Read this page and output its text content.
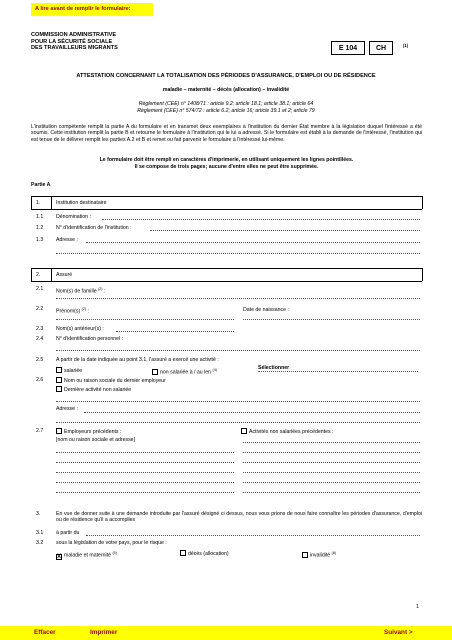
A lire avant de remplir le formulaire:
COMMISSION ADMINISTRATIVE
POUR LA SÉCURITÉ SOCIALE
DES TRAVAILLEURS MIGRANTS	E 104	CH	(1)
ATTESTATION CONCERNANT LA TOTALISATION DES PÉRIODES D'ASSURANCE, D'EMPLOI OU DE RÉSIDENCE
maladie – maternité – décès (allocation) – invalidité
Règlement (CEE) n° 1408/71 : article 9.2; article 18.1; article 38.1; article 64
Règlement (CEE) n° 574/72 : article 6.2; article 16; article 39.1 et 2; article 79
L'institution compétente remplit la partie A du formulaire et en transmet deux exemplaires à l'institution du dernier État membre à la législation duquel l'intéressé a été soumis. Cette institution remplit la partie B et retourne le formulaire à l'institution qui le lui a adressé. Si le formulaire est établi à la demande de l'intéressé, l'institution qui est tenue de le délivrer remplit les parties A.2 et B et remet ou fait parvenir le formulaire à l'intéressé lui-même.
Le formulaire doit être rempli en caractères d'imprimerie, en utilisant uniquement les lignes pointillées.
Il se compose de trois pages; aucune d'entre elles ne peut être supprimée.
Partie A
1.	Institution destinataire
1.1 Dénomination :
1.2 N° d'identification de l'institution :
1.3 Adresse :
2.	Assuré
2.1 Nom(s) de famille $^{(2)}$ :
2.2 Prénom(s) $^{(2)}$ :	Date de naissance :
2.3 Nom(s) antérieur(s) :
2.4 N° d'identification personnel :
2.5 A partir de la date indiquée au point 3.1, l'assuré a exercé une activité :
salariée	non salariée à / au len $^{(4)}$	Sélectionner
2.6	Nom ou raison sociale du dernier employeur
Dernière activité non salariée
Adresse :
2.7	Employeurs précédents :	Activités non salariées précédentes :
[nom ou raison sociale et adresse]
3.	En vue de donner suite à une demande introduite par l'assuré désigné ci dessus, nous vous prions de nous faire connaître les périodes d'assurance, d'emploi ou de résidence qu'il a accomplies
3.1 à partir du
3.2 sous la législation de votre pays, pour le risque :
X maladie et maternité $^{(5)}$	décès (allocation)	invalidité $^{(6)}$
1
Effacer	Imprimer	Suivant >
